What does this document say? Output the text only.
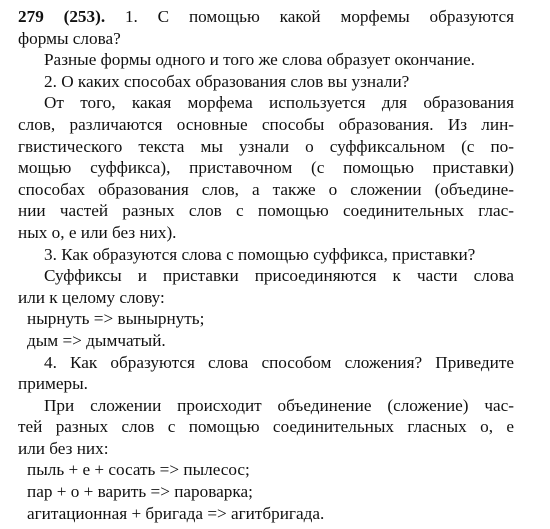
279 (253). 1. С помощью какой морфемы образуются
формы слова?
Разные формы одного и того же слова образует окончание.
2. О каких способах образования слов вы узнали?
От того, какая морфема используется для образования
слов, различаются основные способы образования. Из лин-
гвистического текста мы узнали о суффиксальном (с по-
мощью суффикса), приставочном (с помощью приставки)
способах образования слов, а также о сложении (объедине-
нии частей разных слов с помощью соединительных глас-
ных о, е или без них).
3. Как образуются слова с помощью суффикса, приставки?
Суффиксы и приставки присоединяются к части слова
или к целому слову:
нырнуть => вынырнуть;
дым => дымчатый.
4. Как образуются слова способом сложения? Приведите
примеры.
При сложении происходит объединение (сложение) час-
тей разных слов с помощью соединительных гласных о, е
или без них:
пыль + е + сосать => пылесос;
пар + о + варить => пароварка;
агитационная + бригада => агитбригада.
